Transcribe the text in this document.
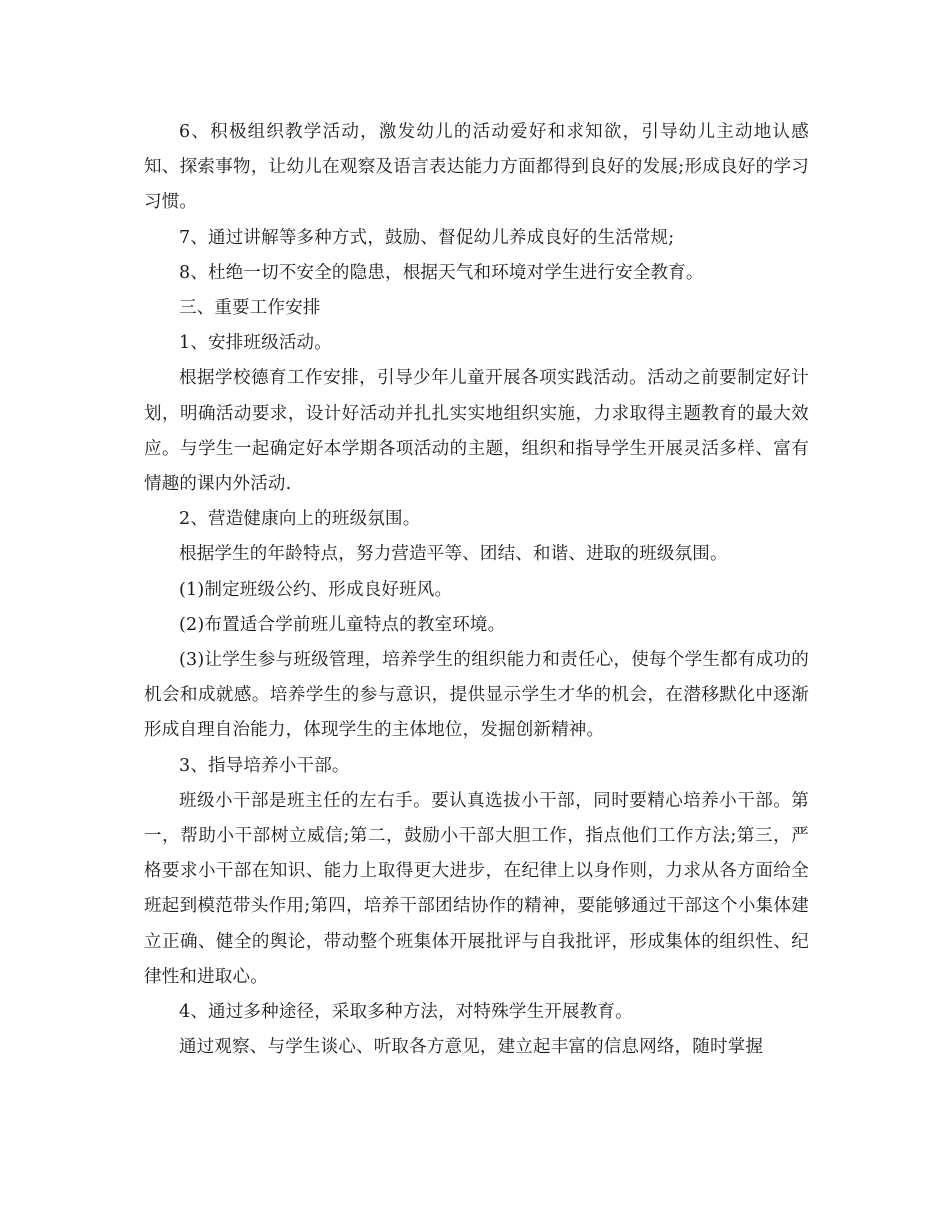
6、积极组织教学活动，激发幼儿的活动爱好和求知欲，引导幼儿主动地认感知、探索事物，让幼儿在观察及语言表达能力方面都得到良好的发展;形成良好的学习习惯。

7、通过讲解等多种方式，鼓励、督促幼儿养成良好的生活常规;

8、杜绝一切不安全的隐患，根据天气和环境对学生进行安全教育。

三、重要工作安排

1、安排班级活动。

根据学校德育工作安排，引导少年儿童开展各项实践活动。活动之前要制定好计划，明确活动要求，设计好活动并扎扎实实地组织实施，力求取得主题教育的最大效应。与学生一起确定好本学期各项活动的主题，组织和指导学生开展灵活多样、富有情趣的课内外活动.

2、营造健康向上的班级氛围。

根据学生的年龄特点，努力营造平等、团结、和谐、进取的班级氛围。

(1)制定班级公约、形成良好班风。

(2)布置适合学前班儿童特点的教室环境。

(3)让学生参与班级管理，培养学生的组织能力和责任心，使每个学生都有成功的机会和成就感。培养学生的参与意识，提供显示学生才华的机会，在潜移默化中逐渐形成自理自治能力，体现学生的主体地位，发掘创新精神。

3、指导培养小干部。

班级小干部是班主任的左右手。要认真选拔小干部，同时要精心培养小干部。第一，帮助小干部树立威信;第二，鼓励小干部大胆工作，指点他们工作方法;第三，严格要求小干部在知识、能力上取得更大进步，在纪律上以身作则，力求从各方面给全班起到模范带头作用;第四，培养干部团结协作的精神，要能够通过干部这个小集体建立正确、健全的舆论，带动整个班集体开展批评与自我批评，形成集体的组织性、纪律性和进取心。

4、通过多种途径，采取多种方法，对特殊学生开展教育。

通过观察、与学生谈心、听取各方意见，建立起丰富的信息网络，随时掌握
